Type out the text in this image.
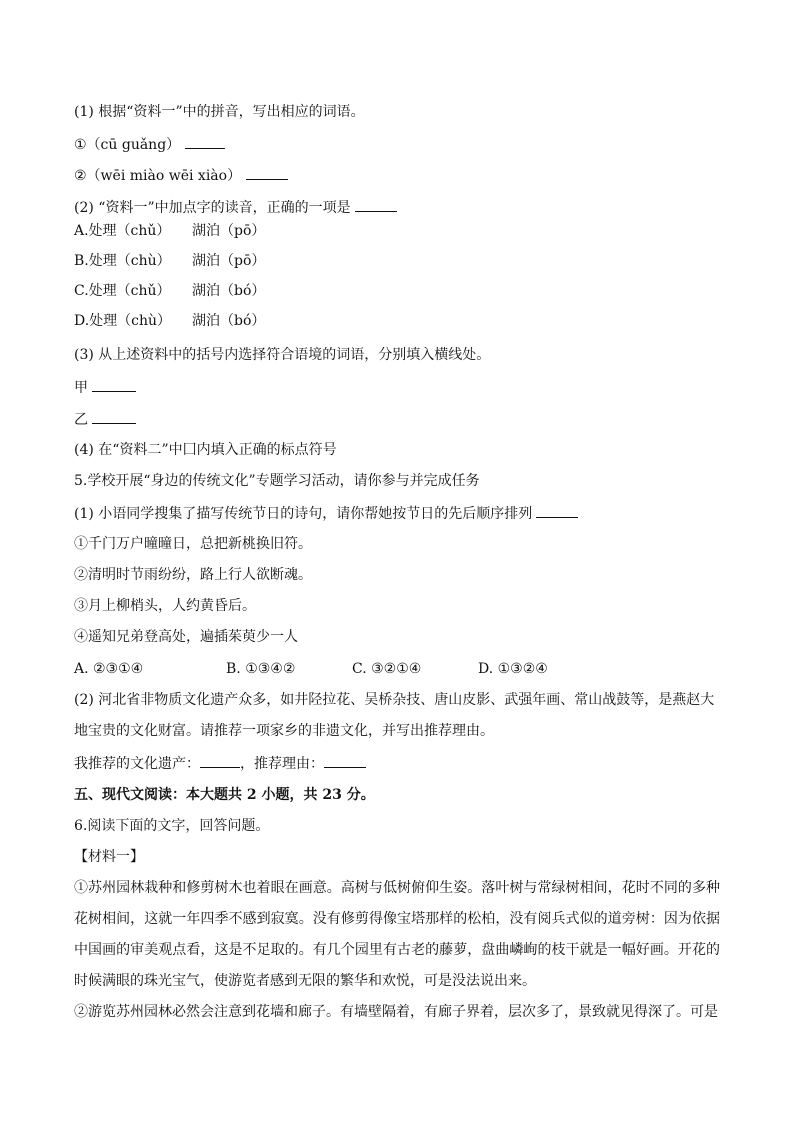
(1) 根据“资料一”中的拼音，写出相应的词语。
①（cū guǎng）
②（wēi miào wēi xiào）
(2) “资料一”中加点字的读音，正确的一项是
A.处理（chǔ） 湖泊（pō）
B.处理（chù） 湖泊（pō）
C.处理（chǔ） 湖泊（bó）
D.处理（chù） 湖泊（bó）
(3) 从上述资料中的括号内选择符合语境的词语，分别填入横线处。
甲
乙
(4) 在“资料二”中囗内填入正确的标点符号
5.学校开展“身边的传统文化”专题学习活动，请你参与并完成任务
(1) 小语同学搜集了描写传统节日的诗句，请你帮她按节日的先后顺序排列
①千门万户曈曈日，总把新桃换旧符。
②清明时节雨纷纷，路上行人欲断魂。
③月上柳梢头，人约黄昏后。
④遥知兄弟登高处，遍插茱萸少一人
A. ②③①④	B. ①③④②	C. ③②①④	D. ①③②④
(2) 河北省非物质文化遗产众多，如井陉拉花、吴桥杂技、唐山皮影、武强年画、常山战鼓等，是燕赵大
地宝贵的文化财富。请推荐一项家乡的非遗文化，并写出推荐理由。
我推荐的文化遗产：	，推荐理由：
五、现代文阅读：本大题共 2 小题，共 23 分。
6.阅读下面的文字，回答问题。
【材料一】
①苏州园林栽种和修剪树木也着眼在画意。高树与低树俯仰生姿。落叶树与常绿树相间，花时不同的多种花树相间，这就一年四季不感到寂寞。没有修剪得像宝塔那样的松柏，没有阅兵式似的道旁树：因为依据中国画的审美观点看，这是不足取的。有几个园里有古老的藤萝，盘曲嶙峋的枝干就是一幅好画。开花的时候满眼的珠光宝气，使游览者感到无限的繁华和欢悦，可是没法说出来。
②游览苏州园林必然会注意到花墙和廊子。有墙壁隔着，有廊子界着，层次多了，景致就见得深了。可是
